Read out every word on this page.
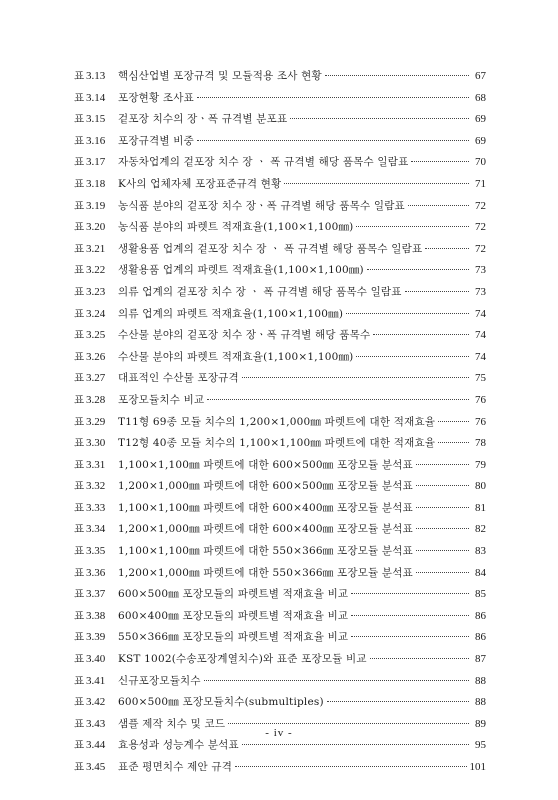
표 3.13	핵심산업별 포장규격 및 모듈적용 조사 현황	67
표 3.14	포장현황 조사표	68
표 3.15	겉포장 치수의 장ㆍ폭 규격별 분포표	69
표 3.16	포장규격별 비중	69
표 3.17	자동차업계의 겉포장 치수 장 ㆍ 폭 규격별 해당 품목수 일람표	70
표 3.18	K사의 업체자체 포장표준규격 현황	71
표 3.19	농식품 분야의 겉포장 치수 장ㆍ폭 규격별 해당 품목수 일람표	72
표 3.20	농식품 분야의 파렛트 적재효율(1,100×1,100㎜)	72
표 3.21	생활용품 업계의 겉포장 치수 장 ㆍ 폭 규격별 해당 품목수 일람표	72
표 3.22	생활용품 업계의 파렛트 적재효율(1,100×1,100㎜)	73
표 3.23	의류 업계의 겉포장 치수 장 ㆍ 폭 규격별 해당 품목수 일람표	73
표 3.24	의류 업계의 파렛트 적재효율(1,100×1,100㎜)	74
표 3.25	수산물 분야의 겉포장 치수 장ㆍ폭 규격별 해당 품목수	74
표 3.26	수산물 분야의 파렛트 적재효율(1,100×1,100㎜)	74
표 3.27	대표적인 수산물 포장규격	75
표 3.28	포장모듈치수 비교	76
표 3.29	T11형 69종 모듈 치수의 1,200×1,000㎜ 파렛트에 대한 적재효율	76
표 3.30	T12형 40종 모듈 치수의 1,100×1,100㎜ 파렛트에 대한 적재효율	78
표 3.31	1,100×1,100㎜ 파렛트에 대한 600×500㎜ 포장모듈 분석표	79
표 3.32	1,200×1,000㎜ 파렛트에 대한 600×500㎜ 포장모듈 분석표	80
표 3.33	1,100×1,100㎜ 파렛트에 대한 600×400㎜ 포장모듈 분석표	81
표 3.34	1,200×1,000㎜ 파렛트에 대한 600×400㎜ 포장모듈 분석표	82
표 3.35	1,100×1,100㎜ 파렛트에 대한 550×366㎜ 포장모듈 분석표	83
표 3.36	1,200×1,000㎜ 파렛트에 대한 550×366㎜ 포장모듈 분석표	84
표 3.37	600×500㎜ 포장모듈의 파렛트별 적재효율 비교	85
표 3.38	600×400㎜ 포장모듈의 파렛트별 적재효율 비교	86
표 3.39	550×366㎜ 포장모듈의 파렛트별 적재효율 비교	86
표 3.40	KST 1002(수송포장계열치수)와 표준 포장모듈 비교	87
표 3.41	신규포장모듈치수	88
표 3.42	600×500㎜ 포장모듈치수(submultiples)	88
표 3.43	샘플 제작 치수 및 코드	89
표 3.44	효용성과 성능계수 분석표	95
표 3.45	표준 평면치수 제안 규격	101
- iv -
